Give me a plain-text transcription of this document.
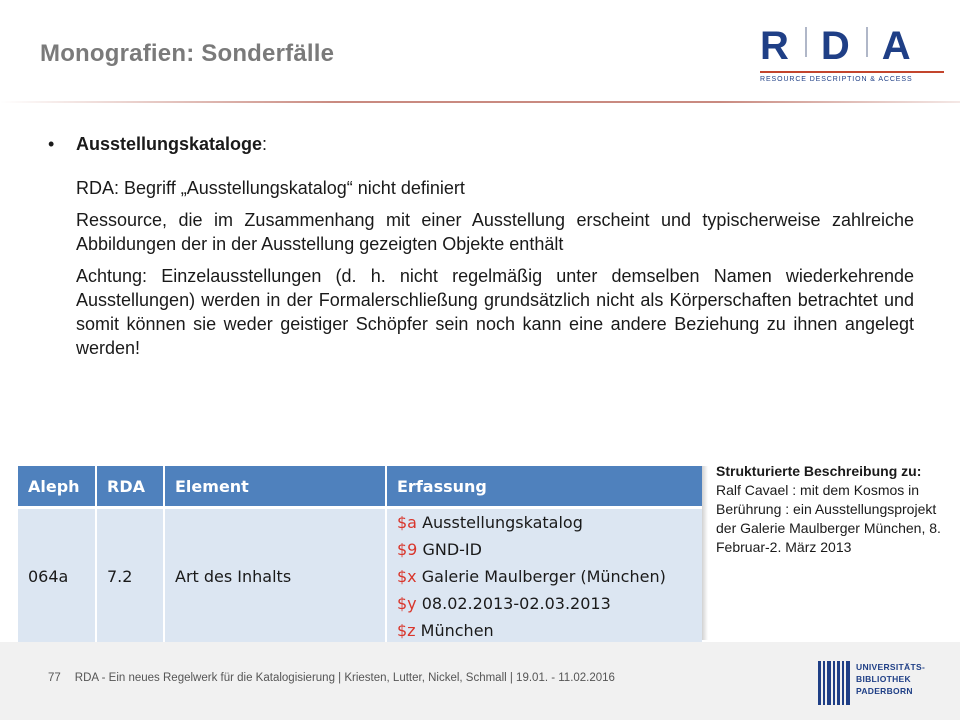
Monografien: Sonderfälle	R D A
RESOURCE DESCRIPTION & ACCESS
• Ausstellungskataloge:
RDA: Begriff „Ausstellungskatalog“ nicht definiert
Ressource, die im Zusammenhang mit einer Ausstellung erscheint und typischerweise zahlreiche Abbildungen der in der Ausstellung gezeigten Objekte enthält
Achtung: Einzelausstellungen (d. h. nicht regelmäßig unter demselben Namen wiederkehrende Ausstellungen) werden in der Formalerschließung grundsätzlich nicht als Körperschaften betrachtet und somit können sie weder geistiger Schöpfer sein noch kann eine andere Beziehung zu ihnen angelegt werden!
Aleph	RDA	Element	Erfassung
064a	7.2	Art des Inhalts	$a Ausstellungskatalog
$9 GND-ID
$x Galerie Maulberger (München)
$y 08.02.2013-02.03.2013
$z München
Strukturierte Beschreibung zu:
Ralf Cavael : mit dem Kosmos in Berührung : ein Ausstellungsprojekt der Galerie Maulberger München, 8. Februar-2. März 2013
77 RDA - Ein neues Regelwerk für die Katalogisierung | Kriesten, Lutter, Nickel, Schmall | 19.01. - 11.02.2016
UNIVERSITÄTS-
BIBLIOTHEK
PADERBORN
